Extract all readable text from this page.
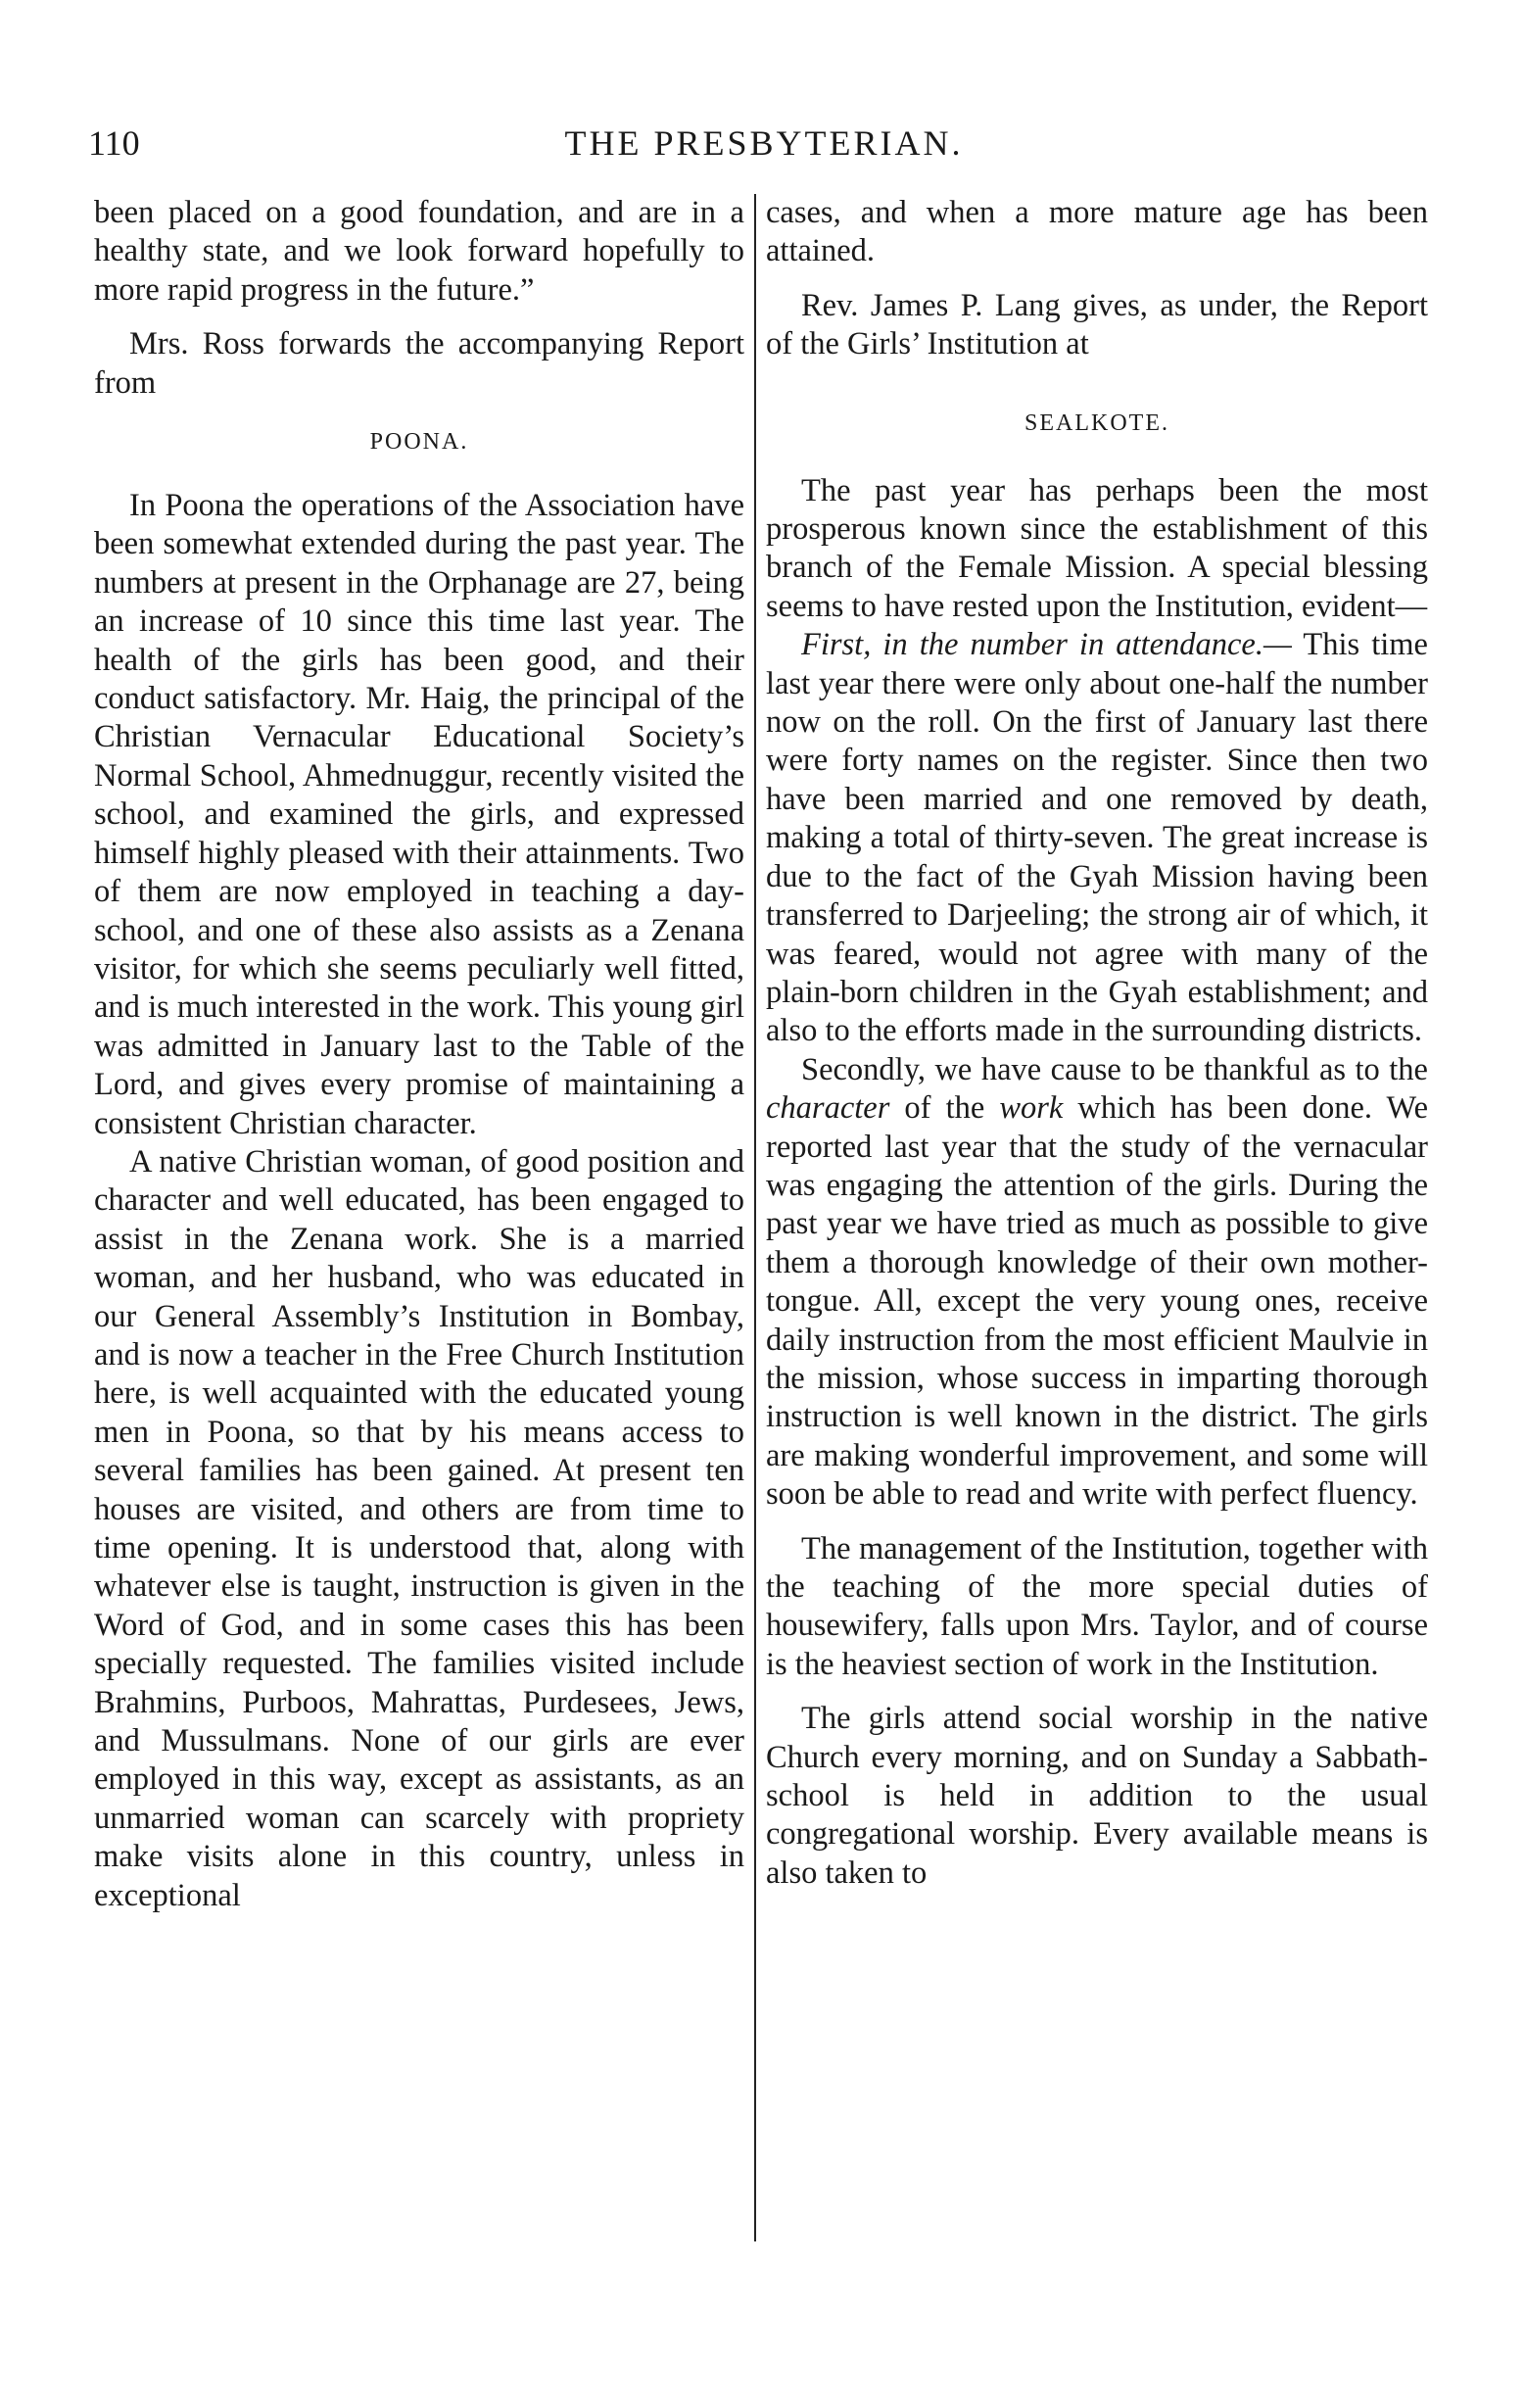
110	THE PRESBYTERIAN.

been placed on a good foundation, and are in a healthy state, and we look forward hopefully to more rapid progress in the future.”

Mrs. Ross forwards the accompanying Report from

POONA.

In Poona the operations of the Association have been somewhat extended during the past year. The numbers at present in the Orphanage are 27, being an increase of 10 since this time last year. The health of the girls has been good, and their conduct satisfactory. Mr. Haig, the principal of the Christian Vernacular Educational Society’s Normal School, Ahmednuggur, recently visited the school, and examined the girls, and expressed himself highly pleased with their attainments. Two of them are now employed in teaching a day-school, and one of these also assists as a Zenana visitor, for which she seems peculiarly well fitted, and is much interested in the work. This young girl was admitted in January last to the Table of the Lord, and gives every promise of maintaining a consistent Christian character.

A native Christian woman, of good position and character and well educated, has been engaged to assist in the Zenana work. She is a married woman, and her husband, who was educated in our General Assembly’s Institution in Bombay, and is now a teacher in the Free Church Institution here, is well acquainted with the educated young men in Poona, so that by his means access to several families has been gained. At present ten houses are visited, and others are from time to time opening. It is understood that, along with whatever else is taught, instruction is given in the Word of God, and in some cases this has been specially requested. The families visited include Brahmins, Purboos, Mahrattas, Purdesees, Jews, and Mussulmans. None of our girls are ever employed in this way, except as assistants, as an unmarried woman can scarcely with propriety make visits alone in this country, unless in exceptional

cases, and when a more mature age has been attained.

Rev. James P. Lang gives, as under, the Report of the Girls’ Institution at

SEALKOTE.

The past year has perhaps been the most prosperous known since the establishment of this branch of the Female Mission. A special blessing seems to have rested upon the Institution, evident—

First, in the number in attendance.— This time last year there were only about one-half the number now on the roll. On the first of January last there were forty names on the register. Since then two have been married and one removed by death, making a total of thirty-seven. The great increase is due to the fact of the Gyah Mission having been transferred to Darjeeling; the strong air of which, it was feared, would not agree with many of the plain-born children in the Gyah establishment; and also to the efforts made in the surrounding districts.

Secondly, we have cause to be thankful as to the character of the work which has been done. We reported last year that the study of the vernacular was engaging the attention of the girls. During the past year we have tried as much as possible to give them a thorough knowledge of their own mother-tongue. All, except the very young ones, receive daily instruction from the most efficient Maulvie in the mission, whose success in imparting thorough instruction is well known in the district. The girls are making wonderful improvement, and some will soon be able to read and write with perfect fluency.

The management of the Institution, together with the teaching of the more special duties of housewifery, falls upon Mrs. Taylor, and of course is the heaviest section of work in the Institution.

The girls attend social worship in the native Church every morning, and on Sunday a Sabbath-school is held in addition to the usual congregational worship. Every available means is also taken to
